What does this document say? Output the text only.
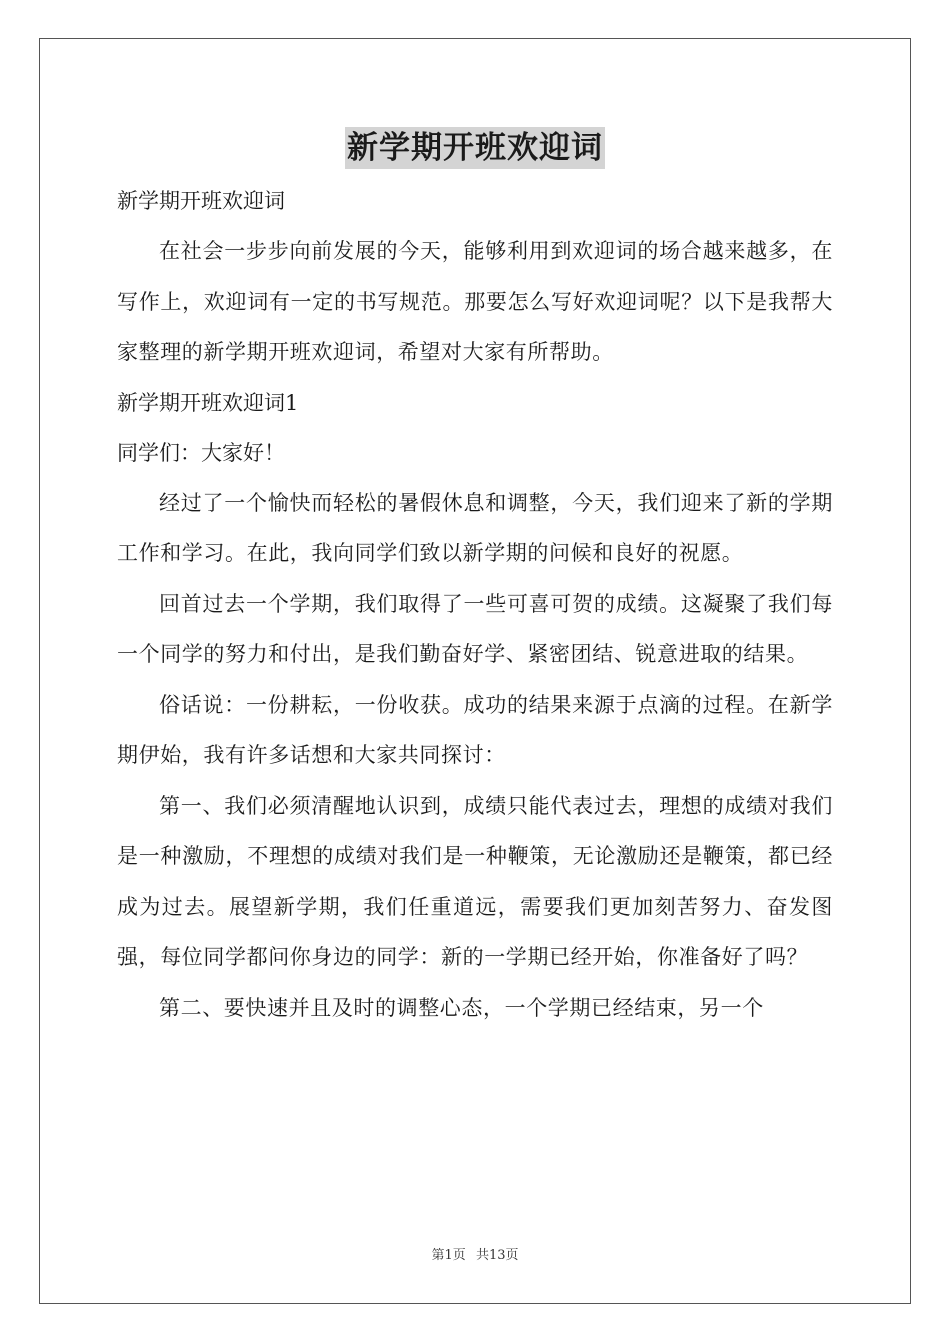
新学期开班欢迎词
新学期开班欢迎词
在社会一步步向前发展的今天，能够利用到欢迎词的场合越来越多，在写作上，欢迎词有一定的书写规范。那要怎么写好欢迎词呢？以下是我帮大家整理的新学期开班欢迎词，希望对大家有所帮助。
新学期开班欢迎词1
同学们：大家好！
经过了一个愉快而轻松的暑假休息和调整，今天，我们迎来了新的学期工作和学习。在此，我向同学们致以新学期的问候和良好的祝愿。
回首过去一个学期，我们取得了一些可喜可贺的成绩。这凝聚了我们每一个同学的努力和付出，是我们勤奋好学、紧密团结、锐意进取的结果。
俗话说：一份耕耘，一份收获。成功的结果来源于点滴的过程。在新学期伊始，我有许多话想和大家共同探讨：
第一、我们必须清醒地认识到，成绩只能代表过去，理想的成绩对我们是一种激励，不理想的成绩对我们是一种鞭策，无论激励还是鞭策，都已经成为过去。展望新学期，我们任重道远，需要我们更加刻苦努力、奋发图强，每位同学都问你身边的同学：新的一学期已经开始，你准备好了吗？
第二、要快速并且及时的调整心态，一个学期已经结束，另一个
第1页 共13页
